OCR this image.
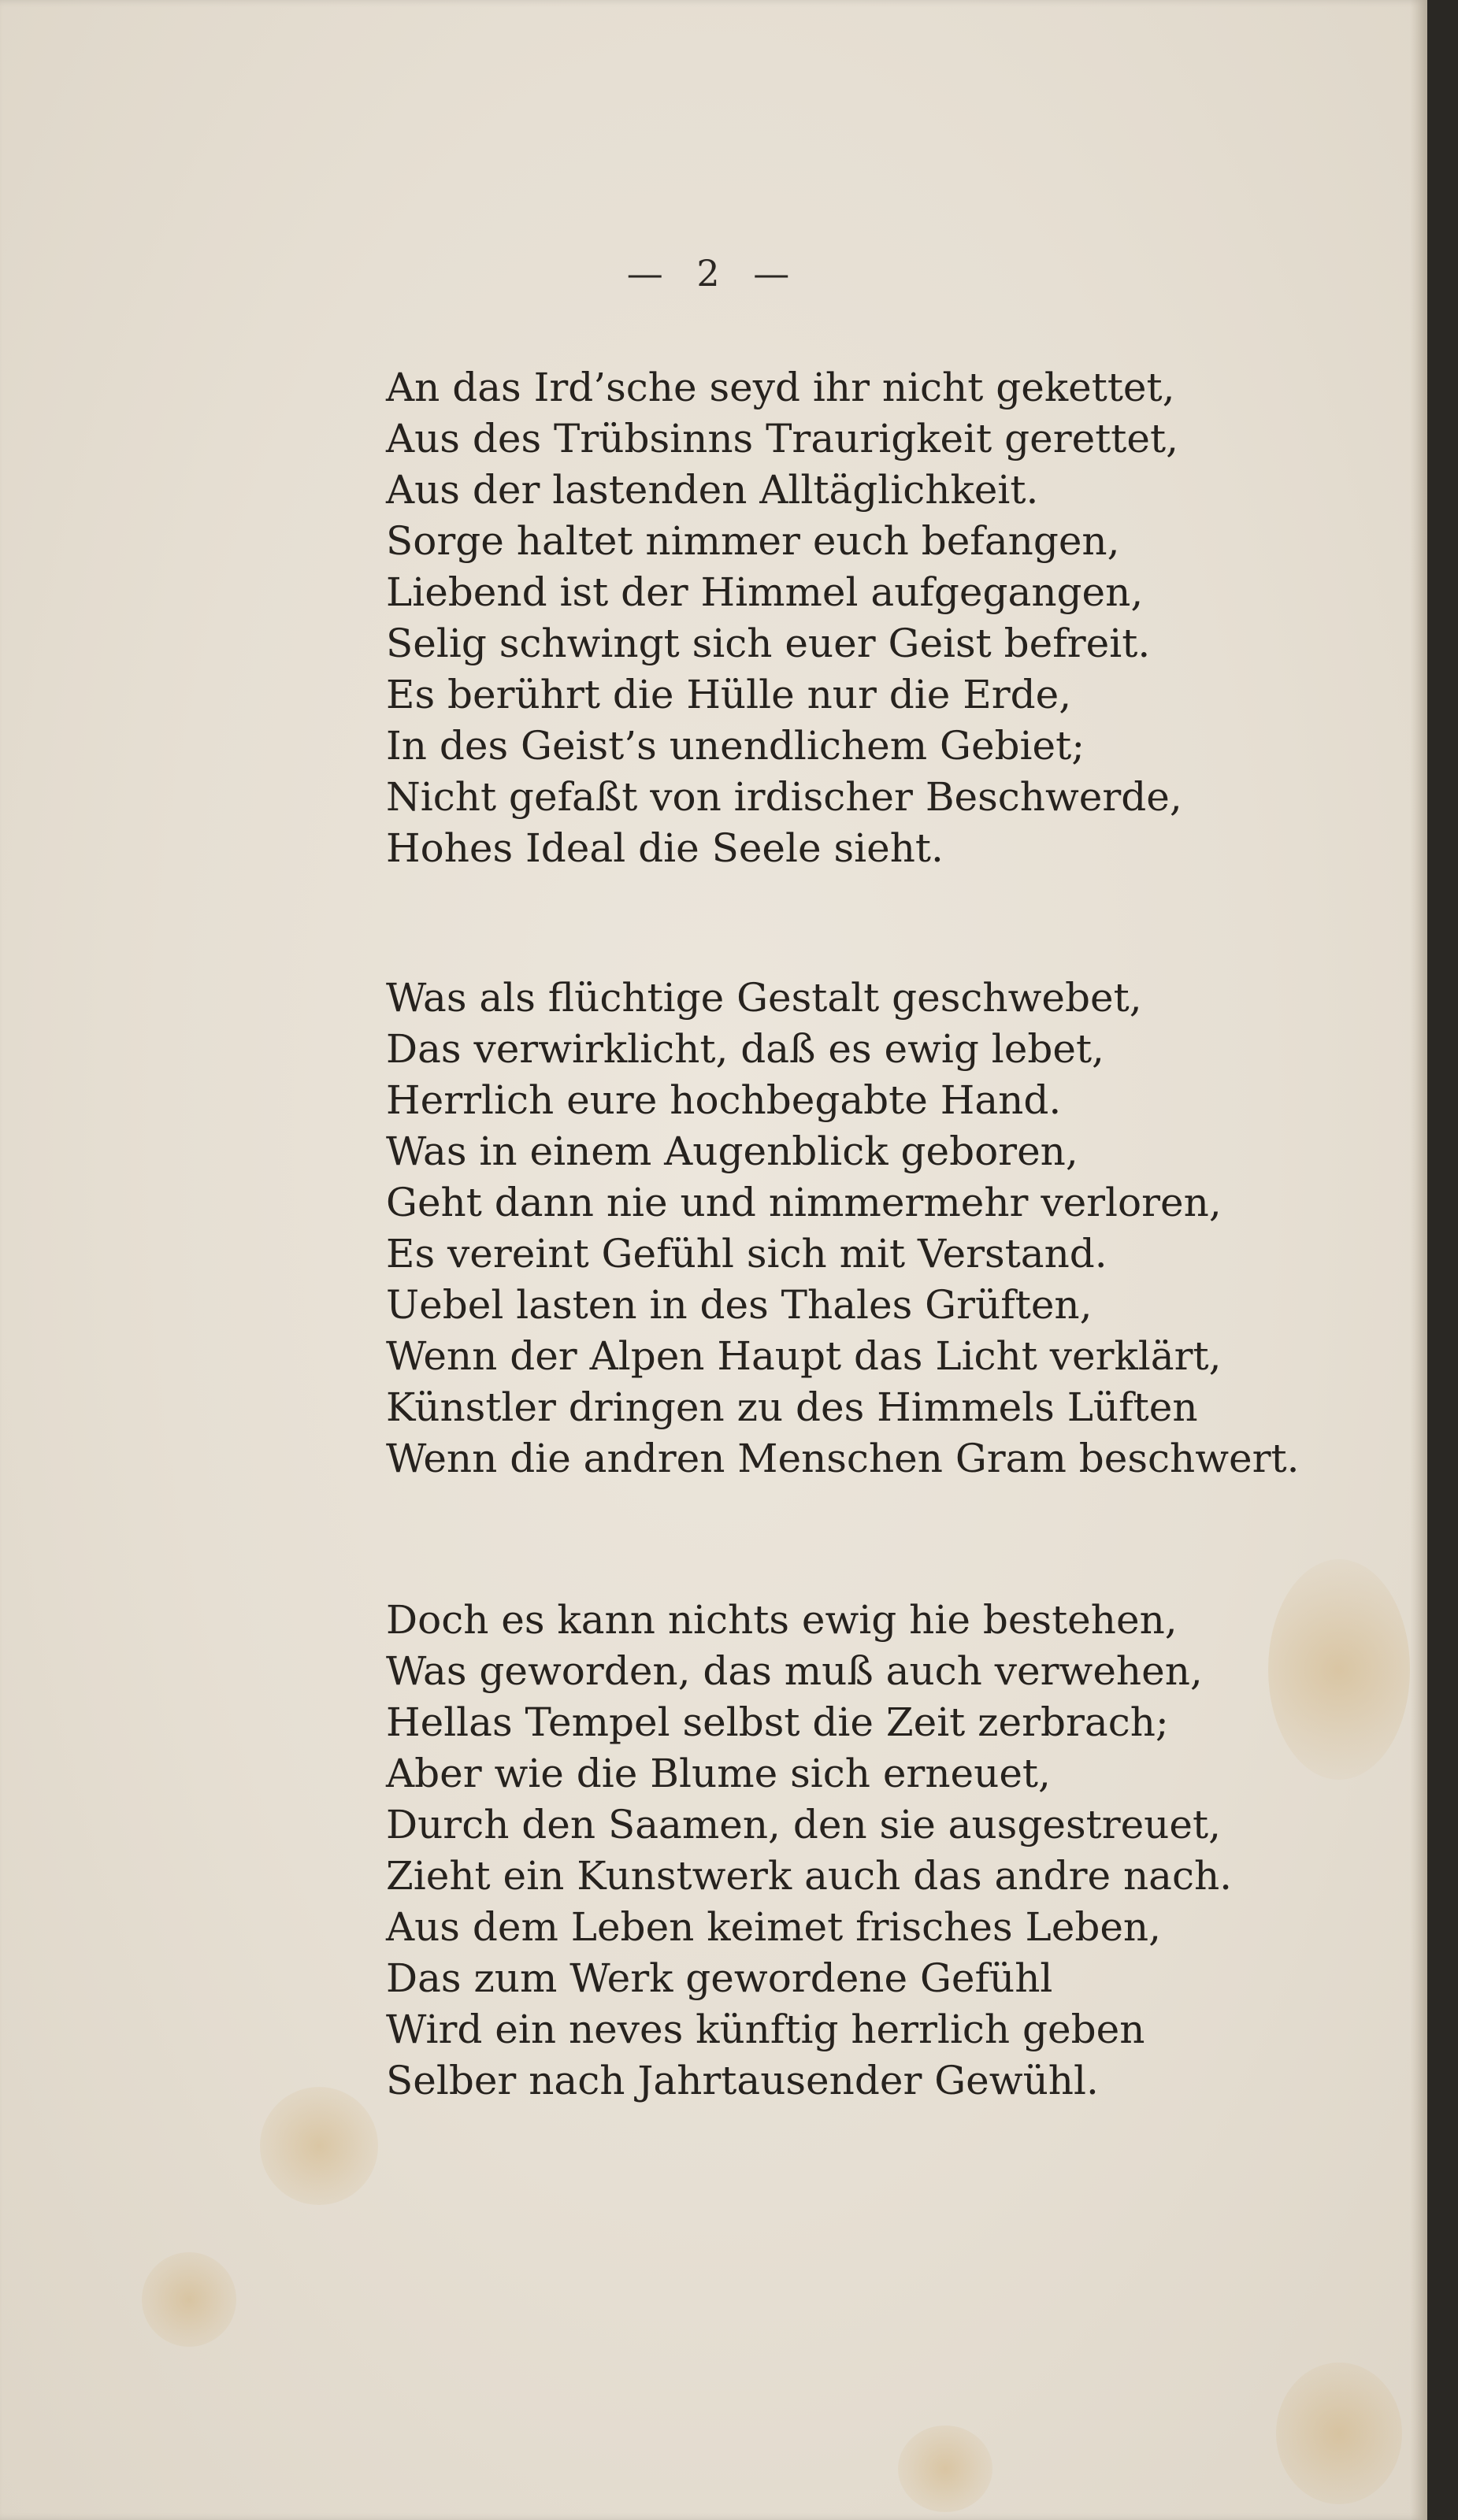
— 2 —
An das Ird’sche seyd ihr nicht gekettet,
Aus des Trübsinns Traurigkeit gerettet,
Aus der lastenden Alltäglichkeit.
Sorge haltet nimmer euch befangen,
Liebend ist der Himmel aufgegangen,
Selig schwingt sich euer Geist befreit.
Es berührt die Hülle nur die Erde,
In des Geist’s unendlichem Gebiet;
Nicht gefaßt von irdischer Beschwerde,
Hohes Ideal die Seele sieht.
Was als flüchtige Gestalt geschwebet,
Das verwirklicht, daß es ewig lebet,
Herrlich eure hochbegabte Hand.
Was in einem Augenblick geboren,
Geht dann nie und nimmermehr verloren,
Es vereint Gefühl sich mit Verstand.
Uebel lasten in des Thales Grüften,
Wenn der Alpen Haupt das Licht verklärt,
Künstler dringen zu des Himmels Lüften
Wenn die andren Menschen Gram beschwert.
Doch es kann nichts ewig hie bestehen,
Was geworden, das muß auch verwehen,
Hellas Tempel selbst die Zeit zerbrach;
Aber wie die Blume sich erneuet,
Durch den Saamen, den sie ausgestreuet,
Zieht ein Kunstwerk auch das andre nach.
Aus dem Leben keimet frisches Leben,
Das zum Werk gewordene Gefühl
Wird ein neves künftig herrlich geben
Selber nach Jahrtausender Gewühl.
